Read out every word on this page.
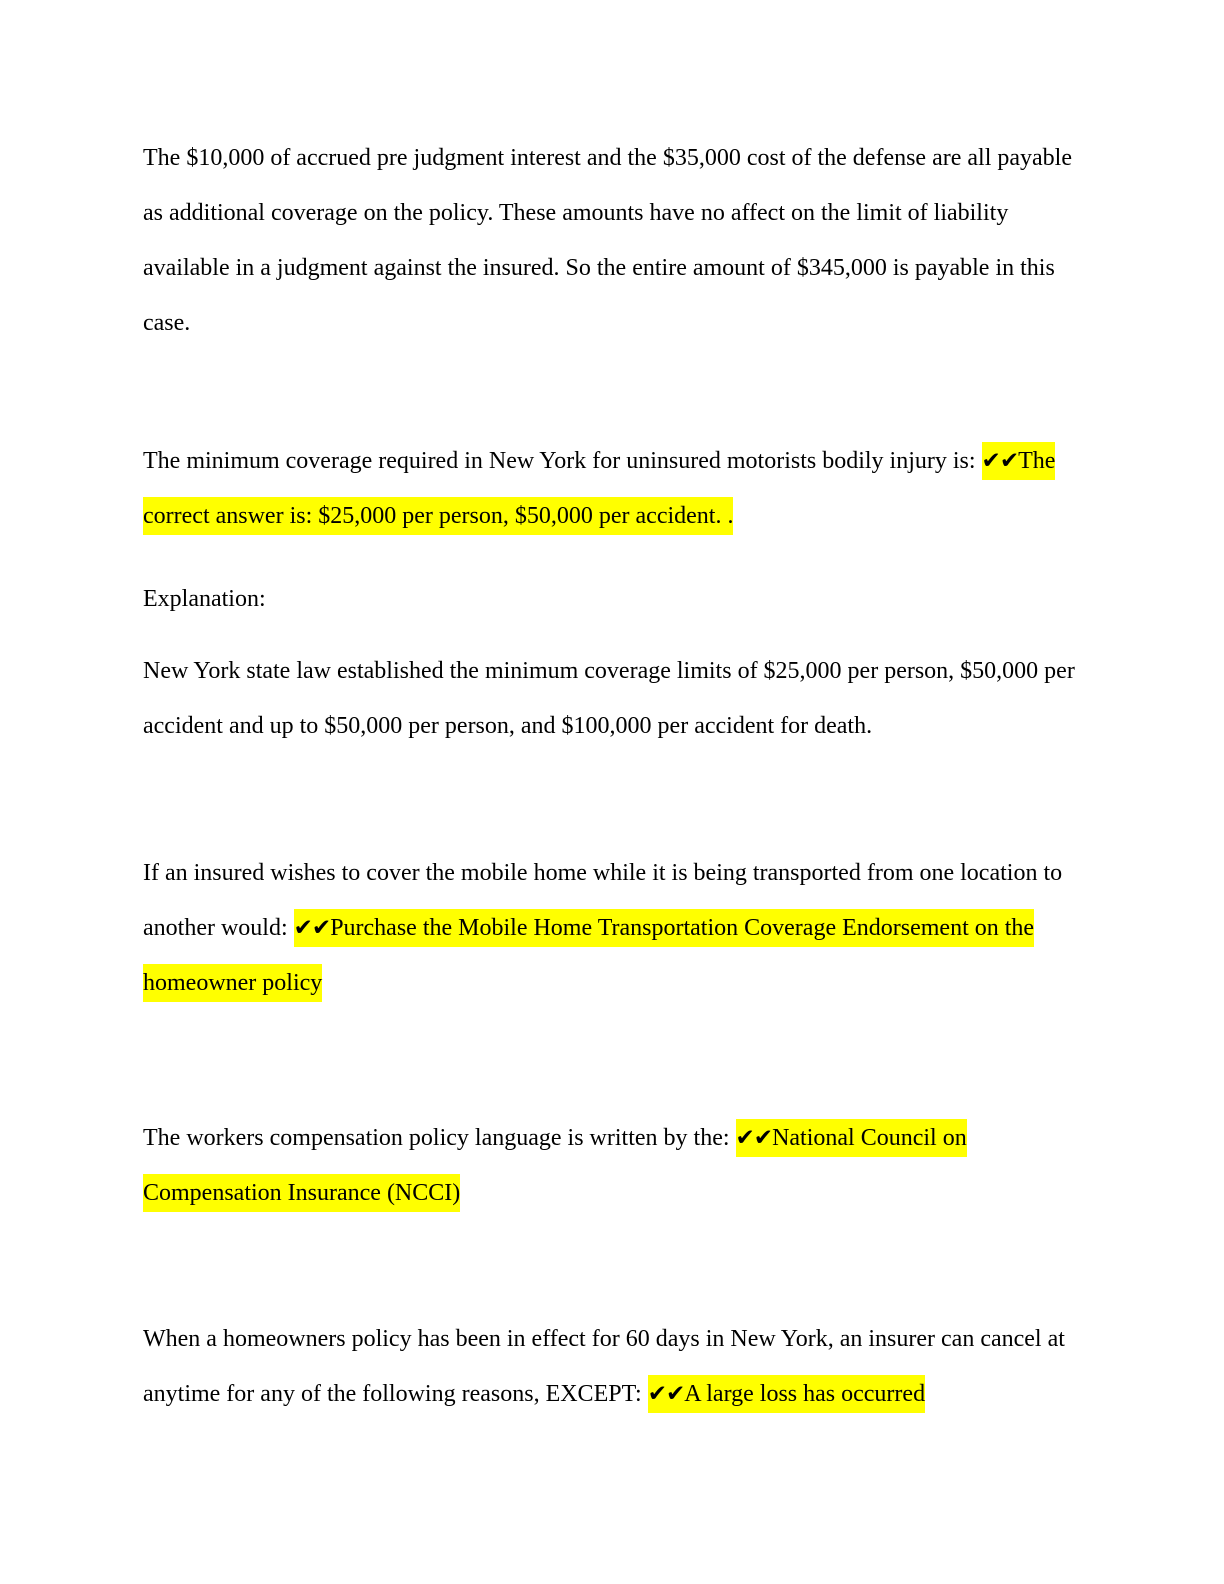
The $10,000 of accrued pre judgment interest and the $35,000 cost of the defense are all payable as additional coverage on the policy. These amounts have no affect on the limit of liability available in a judgment against the insured. So the entire amount of $345,000 is payable in this case.

The minimum coverage required in New York for uninsured motorists bodily injury is: ✔✔The correct answer is: $25,000 per person, $50,000 per accident. .

Explanation:

New York state law established the minimum coverage limits of $25,000 per person, $50,000 per accident and up to $50,000 per person, and $100,000 per accident for death.

If an insured wishes to cover the mobile home while it is being transported from one location to another would: ✔✔Purchase the Mobile Home Transportation Coverage Endorsement on the homeowner policy

The workers compensation policy language is written by the: ✔✔National Council on Compensation Insurance (NCCI)

When a homeowners policy has been in effect for 60 days in New York, an insurer can cancel at anytime for any of the following reasons, EXCEPT: ✔✔A large loss has occurred
